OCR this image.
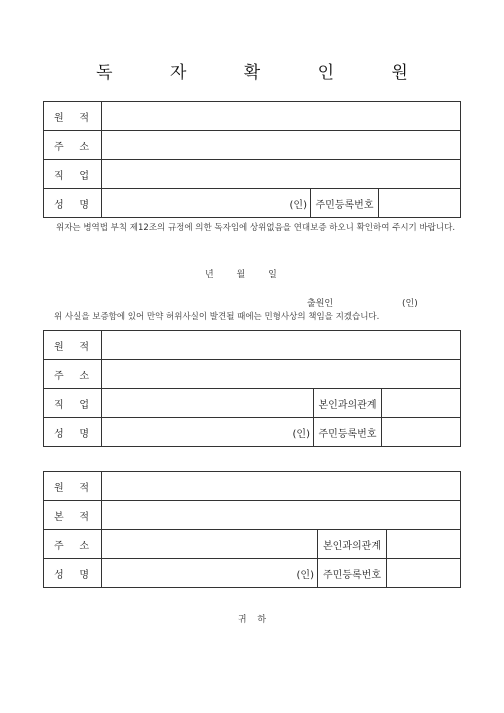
독 자 확 인 원
원 적			
주 소			
직 업			
성 명	(인)	주민등록번호	
위자는 병역법 부칙 제12조의 규정에 의한 독자임에 상위없음을 연대보증 하오니 확인하여 주시기 바랍니다.
년 월 일
출원인	(인)
위 사실을 보증함에 있어 만약 허위사실이 발견될 때에는 민형사상의 책임을 지겠습니다.
원 적			
주 소			
직 업		본인과의관계	
성 명	(인)	주민등록번호	
원 적			
본 적			
주 소		본인과의관계	
성 명	(인)	주민등록번호	
귀 하
